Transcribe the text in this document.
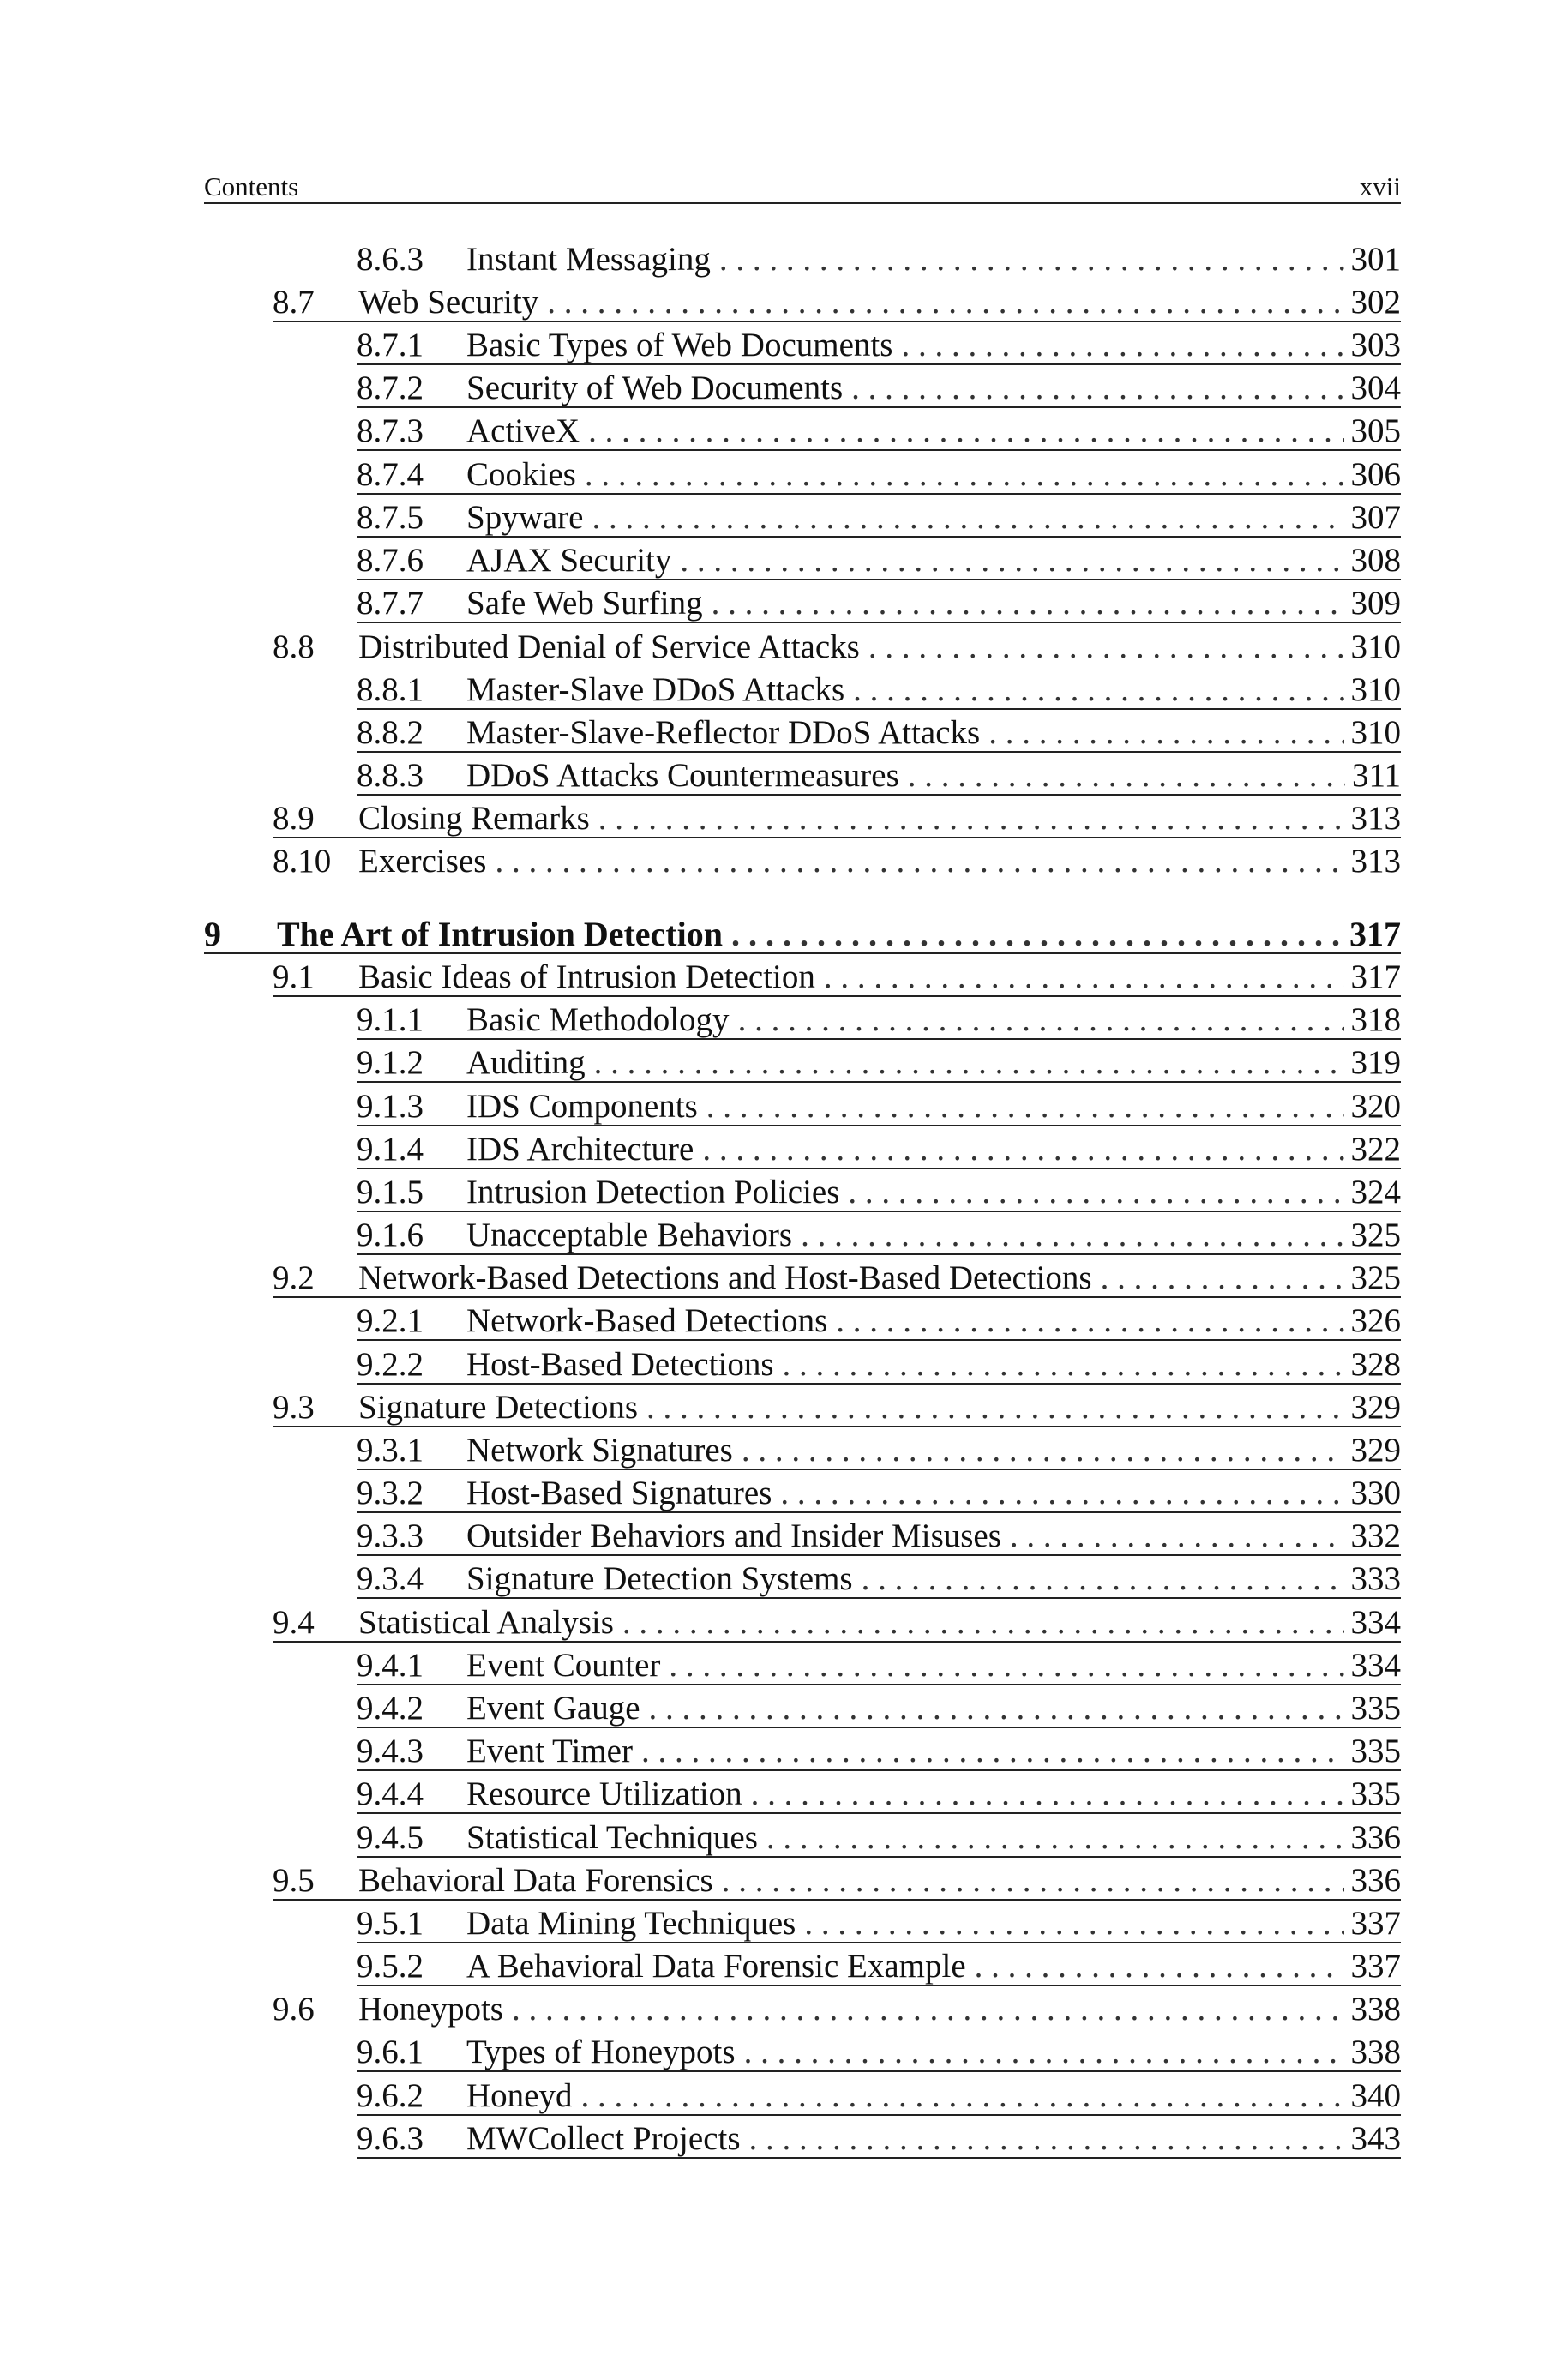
Contents	xvii
8.6.3	Instant Messaging . . .	301
8.7	Web Security . . .	302
8.7.1	Basic Types of Web Documents . . .	303
8.7.2	Security of Web Documents . . .	304
8.7.3	ActiveX . . .	305
8.7.4	Cookies . . .	306
8.7.5	Spyware . . .	307
8.7.6	AJAX Security . . .	308
8.7.7	Safe Web Surfing . . .	309
8.8	Distributed Denial of Service Attacks . . .	310
8.8.1	Master-Slave DDoS Attacks . . .	310
8.8.2	Master-Slave-Reflector DDoS Attacks . . .	310
8.8.3	DDoS Attacks Countermeasures . . .	311
8.9	Closing Remarks . . .	313
8.10 Exercises . . .	313
9	The Art of Intrusion Detection . . .	317
9.1	Basic Ideas of Intrusion Detection . . .	317
9.1.1	Basic Methodology . . .	318
9.1.2	Auditing . . .	319
9.1.3	IDS Components . . .	320
9.1.4	IDS Architecture . . .	322
9.1.5	Intrusion Detection Policies . . .	324
9.1.6	Unacceptable Behaviors . . .	325
9.2	Network-Based Detections and Host-Based Detections . . .	325
9.2.1	Network-Based Detections . . .	326
9.2.2	Host-Based Detections . . .	328
9.3	Signature Detections . . .	329
9.3.1	Network Signatures . . .	329
9.3.2	Host-Based Signatures . . .	330
9.3.3	Outsider Behaviors and Insider Misuses . . .	332
9.3.4	Signature Detection Systems . . .	333
9.4	Statistical Analysis . . .	334
9.4.1	Event Counter . . .	334
9.4.2	Event Gauge . . .	335
9.4.3	Event Timer . . .	335
9.4.4	Resource Utilization . . .	335
9.4.5	Statistical Techniques . . .	336
9.5	Behavioral Data Forensics . . .	336
9.5.1	Data Mining Techniques . . .	337
9.5.2	A Behavioral Data Forensic Example . . .	337
9.6	Honeypots . . .	338
9.6.1	Types of Honeypots . . .	338
9.6.2	Honeyd . . .	340
9.6.3	MWCollect Projects . . .	343
